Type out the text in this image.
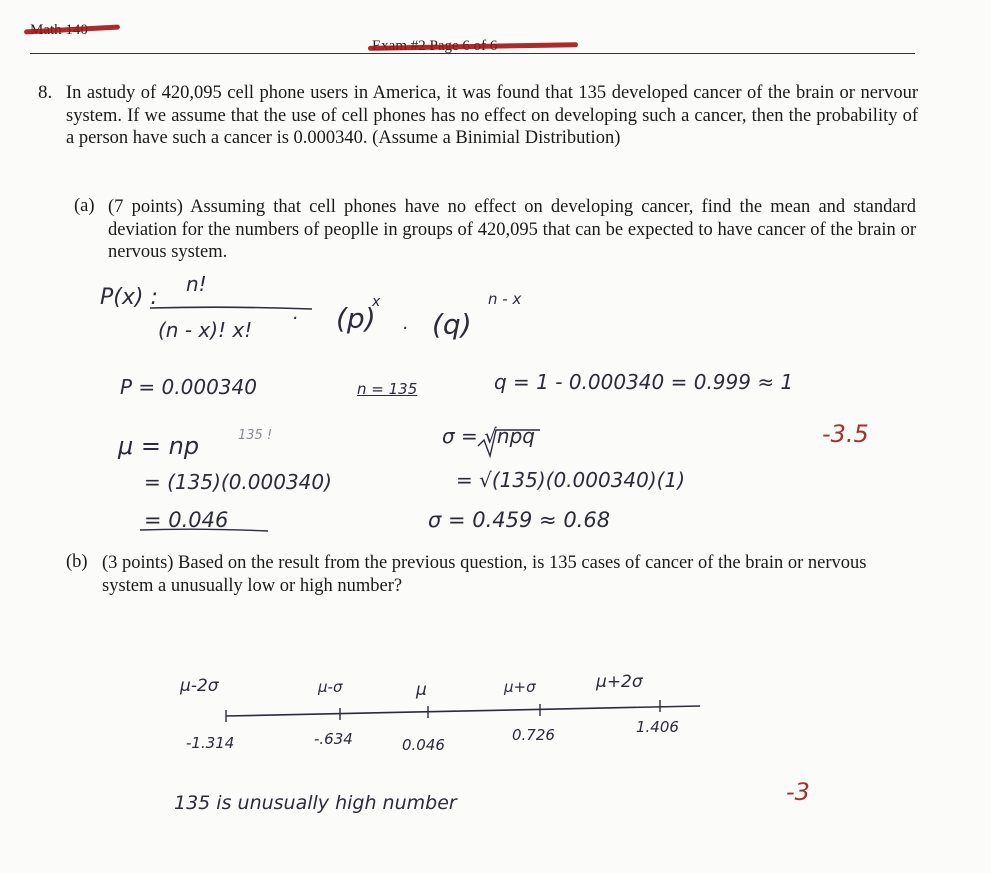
8. In astudy of 420,095 cell phone users in America, it was found that 135 developed cancer of the brain or nervour system. If we assume that the use of cell phones has no effect on developing such a cancer, then the probability of a person have such a cancer is 0.000340. (Assume a Binimial Distribution)
(a) (7 points) Assuming that cell phones have no effect on developing cancer, find the mean and standard deviation for the numbers of peoplle in groups of 420,095 that can be expected to have cancer of the brain or nervous system.
P(x) :
n!
(n - x)! x! · (p)
x
· (q)
n - x
P = 0.000340	n = 135	q = 1 - 0.000340 = 0.999 ≈ 1
μ = np	135 !
= (135)(0.000340)
= 0.046
σ = √npq
= √(135)(0.000340)(1)
σ = 0.459 ≈ 0.68
-3.5
(b) (3 points) Based on the result from the previous question, is 135 cases of cancer of the brain or nervous system a unusually low or high number?
μ-2σ	μ-σ	μ	μ+σ	μ+2σ
-1.314	-.634	0.046
0.726	1.406
135 is unusually high number	-3
